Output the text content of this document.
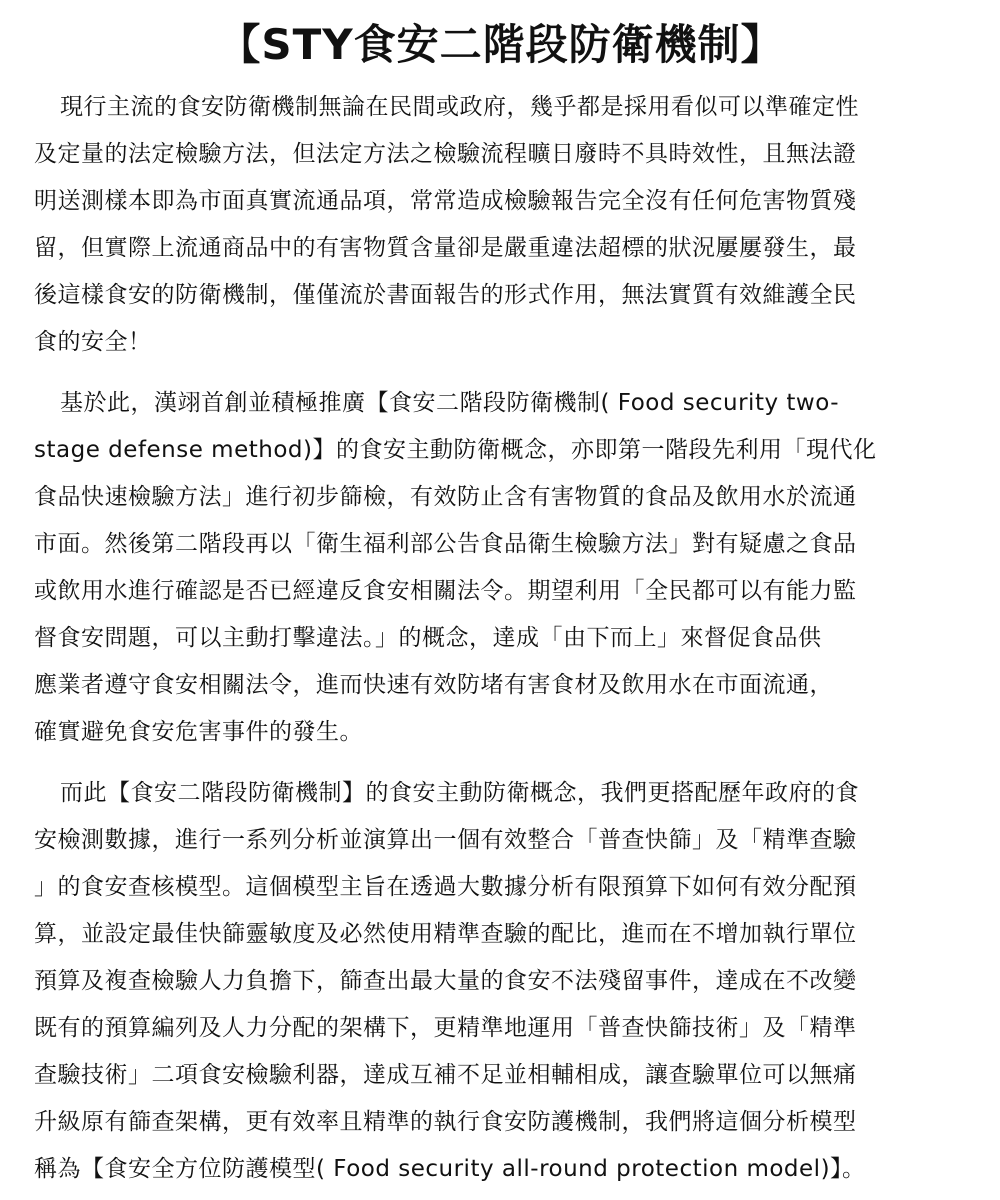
【STY食安二階段防衛機制】

現行主流的食安防衛機制無論在民間或政府，幾乎都是採用看似可以準確定性
及定量的法定檢驗方法，但法定方法之檢驗流程曠日廢時不具時效性，且無法證
明送測樣本即為市面真實流通品項，常常造成檢驗報告完全沒有任何危害物質殘
留，但實際上流通商品中的有害物質含量卻是嚴重違法超標的狀況屢屢發生，最
後這樣食安的防衛機制，僅僅流於書面報告的形式作用，無法實質有效維護全民
食的安全！

基於此，漢翊首創並積極推廣【食安二階段防衛機制( Food security two-
stage defense method)】的食安主動防衛概念，亦即第一階段先利用「現代化
食品快速檢驗方法」進行初步篩檢，有效防止含有害物質的食品及飲用水於流通
市面。然後第二階段再以「衛生福利部公告食品衛生檢驗方法」對有疑慮之食品
或飲用水進行確認是否已經違反食安相關法令。期望利用「全民都可以有能力監
督食安問題，可以主動打擊違法。」的概念，達成「由下而上」來督促食品供
應業者遵守食安相關法令，進而快速有效防堵有害食材及飲用水在市面流通，
確實避免食安危害事件的發生。

而此【食安二階段防衛機制】的食安主動防衛概念，我們更搭配歷年政府的食
安檢測數據，進行一系列分析並演算出一個有效整合「普查快篩」及「精準查驗
」的食安查核模型。這個模型主旨在透過大數據分析有限預算下如何有效分配預
算，並設定最佳快篩靈敏度及必然使用精準查驗的配比，進而在不增加執行單位
預算及複查檢驗人力負擔下，篩查出最大量的食安不法殘留事件，達成在不改變
既有的預算編列及人力分配的架構下，更精準地運用「普查快篩技術」及「精準
查驗技術」二項食安檢驗利器，達成互補不足並相輔相成，讓查驗單位可以無痛
升級原有篩查架構，更有效率且精準的執行食安防護機制，我們將這個分析模型
稱為【食安全方位防護模型( Food security all-round protection model)】。
